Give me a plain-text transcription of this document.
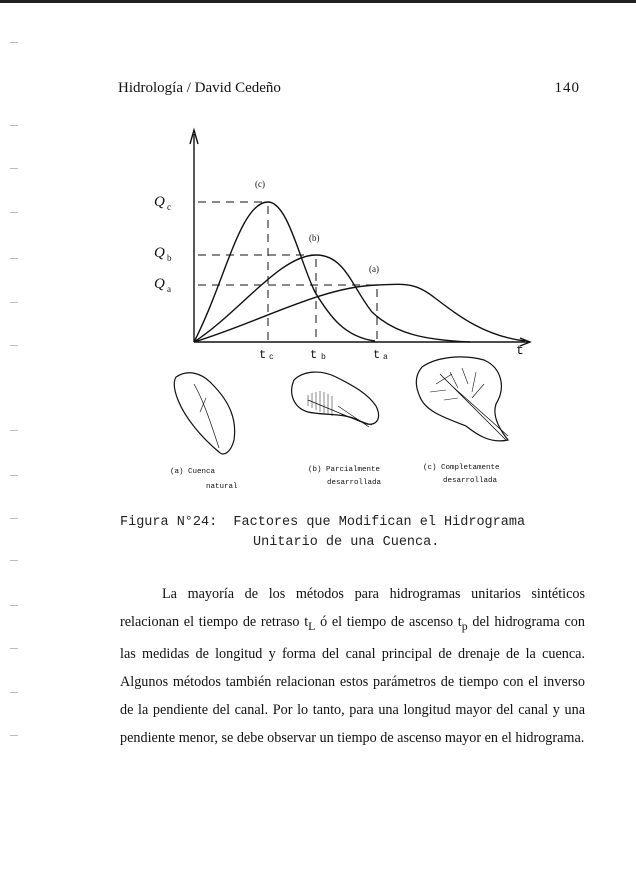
Hidrología / David Cedeño	140
Q c
Q b
Q a
(c)
(b)
(a)
t c	t b	t a	t
(a) Cuenca
natural
(b) Parcialmente
desarrollada
(c) Completamente
desarrollada
Figura N°24:  Factores que Modifican el Hidrograma
Unitario de una Cuenca.
La mayoría de los métodos para hidrogramas unitarios sintéticos relacionan el tiempo de retraso $t_L$ ó el tiempo de ascenso $t_p$ del hidrograma con las medidas de longitud y forma del canal principal de drenaje de la cuenca. Algunos métodos también relacionan estos parámetros de tiempo con el inverso de la pendiente del canal. Por lo tanto, para una longitud mayor del canal y una pendiente menor, se debe observar un tiempo de ascenso mayor en el hidrograma.
